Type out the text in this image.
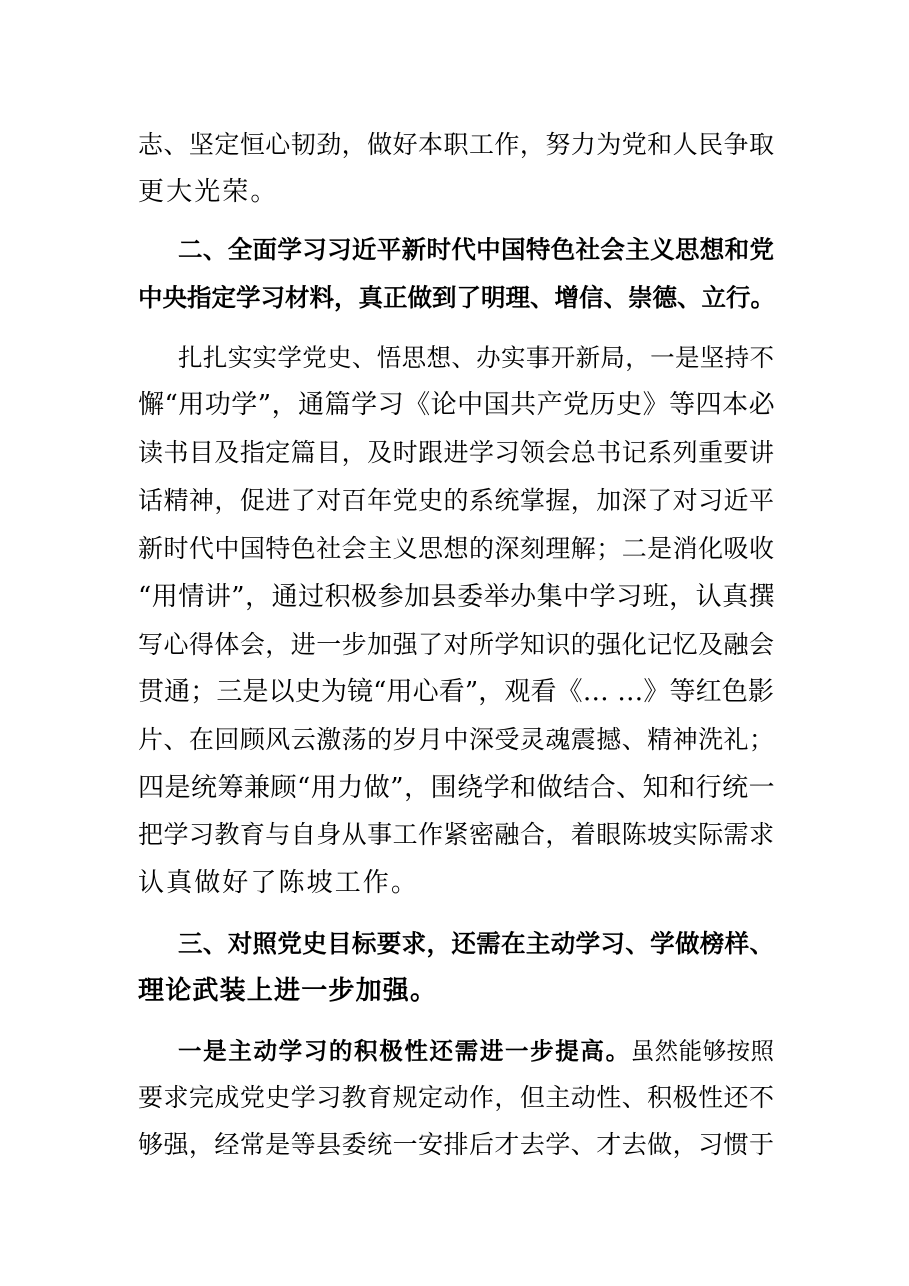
志、坚定恒心韧劲，做好本职工作，努力为党和人民争取
更大光荣。
二、全面学习习近平新时代中国特色社会主义思想和党
中央指定学习材料，真正做到了明理、增信、崇德、立行。
扎扎实实学党史、悟思想、办实事开新局，一是坚持不
懈“用功学”，通篇学习《论中国共产党历史》等四本必
读书目及指定篇目，及时跟进学习领会总书记系列重要讲
话精神，促进了对百年党史的系统掌握，加深了对习近平
新时代中国特色社会主义思想的深刻理解；二是消化吸收
“用情讲”，通过积极参加县委举办集中学习班，认真撰
写心得体会，进一步加强了对所学知识的强化记忆及融会
贯通；三是以史为镜“用心看”，观看《… …》等红色影
片、在回顾风云激荡的岁月中深受灵魂震撼、精神洗礼；
四是统筹兼顾“用力做”，围绕学和做结合、知和行统一
把学习教育与自身从事工作紧密融合，着眼陈坡实际需求
认真做好了陈坡工作。
三、对照党史目标要求，还需在主动学习、学做榜样、
理论武装上进一步加强。
一是主动学习的积极性还需进一步提高。虽然能够按照
要求完成党史学习教育规定动作，但主动性、积极性还不
够强，经常是等县委统一安排后才去学、才去做，习惯于
